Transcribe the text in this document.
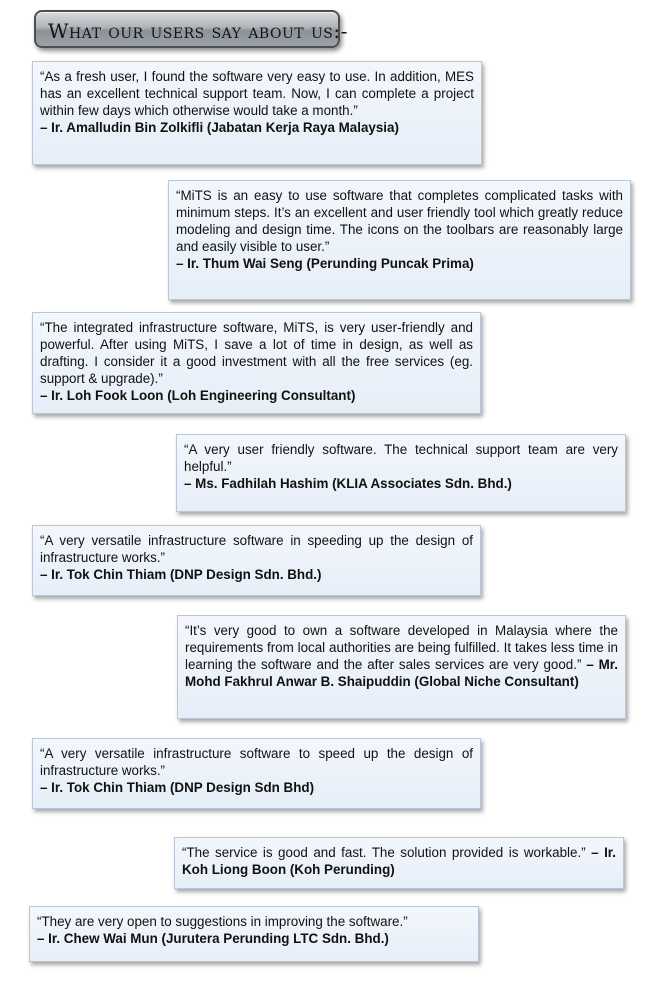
What our users say about us:-
“As a fresh user, I found the software very easy to use. In addition, MES has an excellent technical support team. Now, I can complete a project within few days which otherwise would take a month.”
– Ir. Amalludin Bin Zolkifli (Jabatan Kerja Raya Malaysia)
“MiTS is an easy to use software that completes complicated tasks with minimum steps. It’s an excellent and user friendly tool which greatly reduce modeling and design time. The icons on the toolbars are reasonably large and easily visible to user.”
– Ir. Thum Wai Seng (Perunding Puncak Prima)
“The integrated infrastructure software, MiTS, is very user-friendly and powerful. After using MiTS, I save a lot of time in design, as well as drafting. I consider it a good investment with all the free services (eg. support & upgrade).”
– Ir. Loh Fook Loon (Loh Engineering Consultant)
“A very user friendly software. The technical support team are very helpful.”
– Ms. Fadhilah Hashim (KLIA Associates Sdn. Bhd.)
“A very versatile infrastructure software in speeding up the design of infrastructure works.”
– Ir. Tok Chin Thiam (DNP Design Sdn. Bhd.)
“It’s very good to own a software developed in Malaysia where the requirements from local authorities are being fulfilled. It takes less time in learning the software and the after sales services are very good.” – Mr. Mohd Fakhrul Anwar B. Shaipuddin (Global Niche Consultant)
“A very versatile infrastructure software to speed up the design of infrastructure works.”
– Ir. Tok Chin Thiam (DNP Design Sdn Bhd)
“The service is good and fast. The solution provided is workable.” – Ir. Koh Liong Boon (Koh Perunding)
“They are very open to suggestions in improving the software.”
– Ir. Chew Wai Mun (Jurutera Perunding LTC Sdn. Bhd.)
